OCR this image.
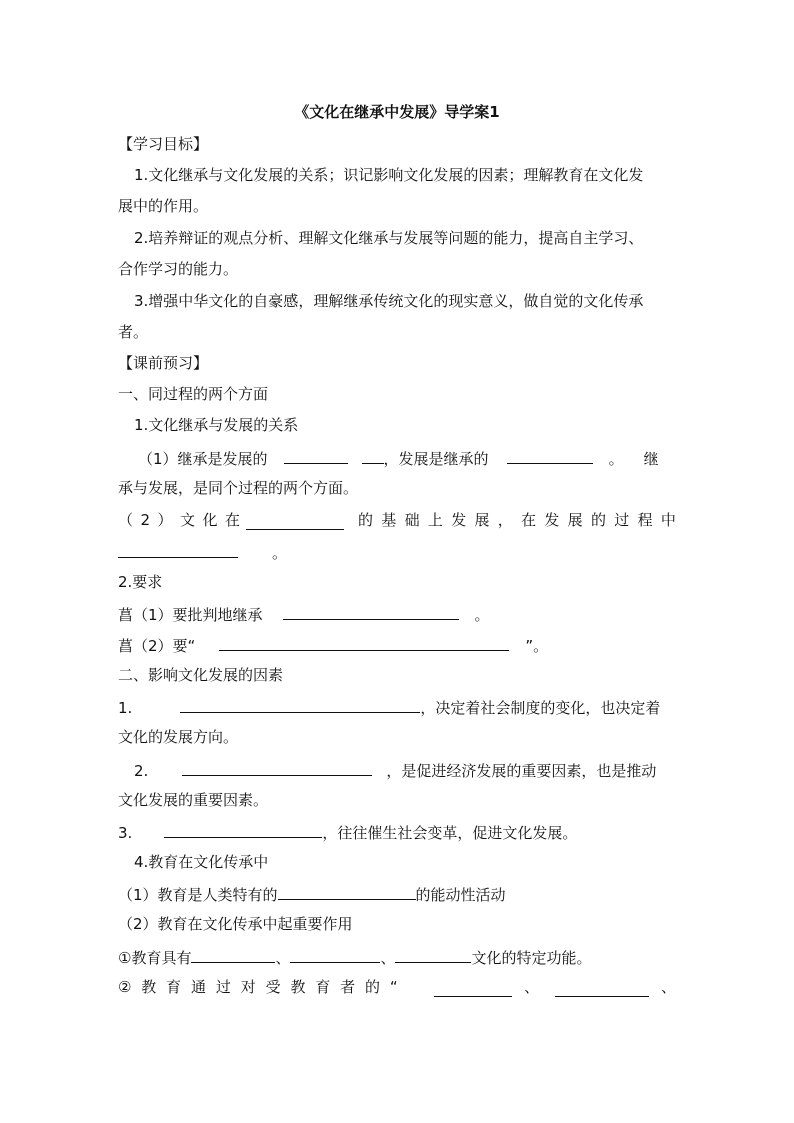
《文化在继承中发展》导学案1
【学习目标】
1.文化继承与文化发展的关系；识记影响文化发展的因素；理解教育在文化发
展中的作用。
2.培养辩证的观点分析、理解文化继承与发展等问题的能力，提高自主学习、
合作学习的能力。
3.增强中华文化的自豪感，理解继承传统文化的现实意义，做自觉的文化传承
者。
【课前预习】
一、同过程的两个方面
1.文化继承与发展的关系
（1）继承是发展的	，发展是继承的	。 继
承与发展，是同个过程的两个方面。
（ 2 ） 文 化 在	的 基 础 上 发 展 ， 在 发 展 的 过 程 中
。
2.要求
菖（1）要批判地继承	。
菖（2）要“	”。
二、影响文化发展的因素
1.	，决定着社会制度的变化，也决定着
文化的发展方向。
2.	，是促进经济发展的重要因素，也是推动
文化发展的重要因素。
3.	，往往催生社会变革，促进文化发展。
4.教育在文化传承中
（1）教育是人类特有的	的能动性活动
（2）教育在文化传承中起重要作用
①教育具有	、	、	文化的特定功能。
② 教 育 通 过 对 受 教 育 者 的 “	、	、
